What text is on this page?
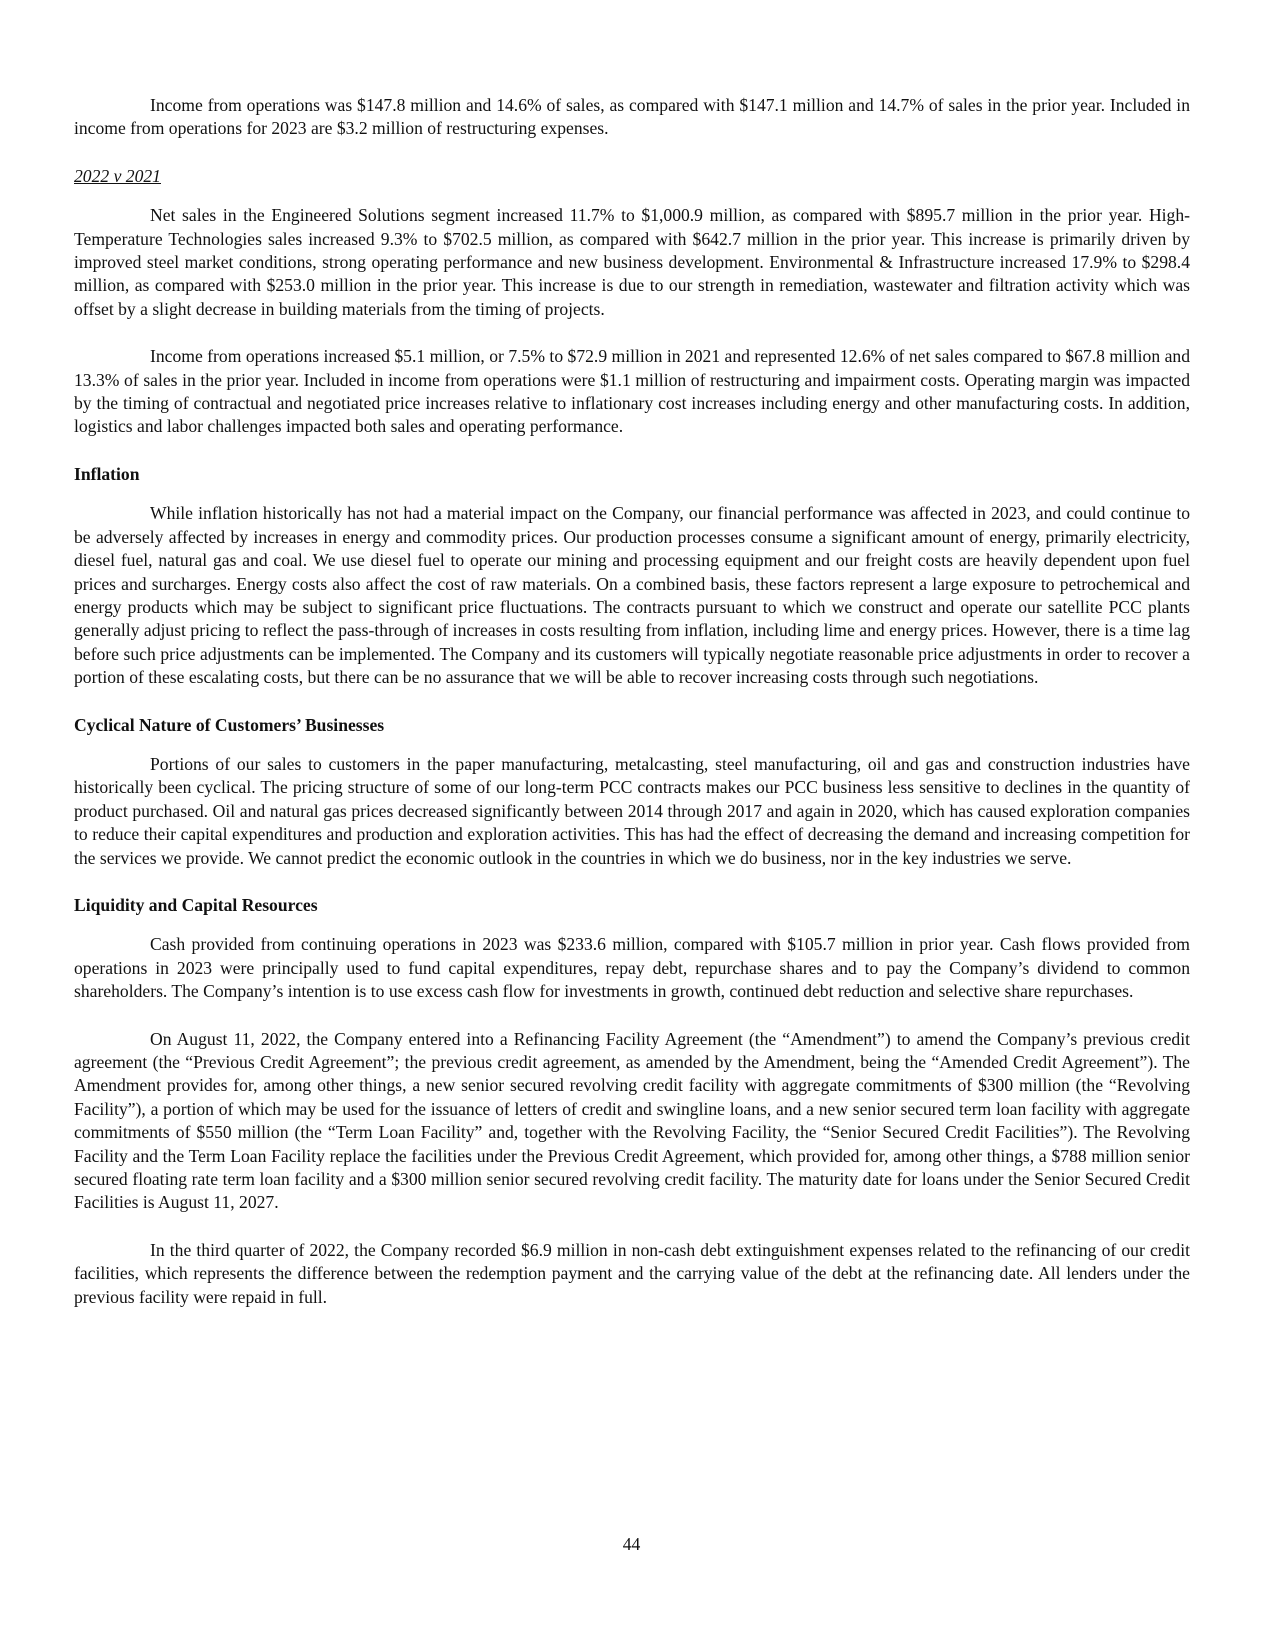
Income from operations was $147.8 million and 14.6% of sales, as compared with $147.1 million and 14.7% of sales in the prior year. Included in income from operations for 2023 are $3.2 million of restructuring expenses.

2022 v 2021

Net sales in the Engineered Solutions segment increased 11.7% to $1,000.9 million, as compared with $895.7 million in the prior year. High-Temperature Technologies sales increased 9.3% to $702.5 million, as compared with $642.7 million in the prior year. This increase is primarily driven by improved steel market conditions, strong operating performance and new business development. Environmental & Infrastructure increased 17.9% to $298.4 million, as compared with $253.0 million in the prior year. This increase is due to our strength in remediation, wastewater and filtration activity which was offset by a slight decrease in building materials from the timing of projects.

Income from operations increased $5.1 million, or 7.5% to $72.9 million in 2021 and represented 12.6% of net sales compared to $67.8 million and 13.3% of sales in the prior year. Included in income from operations were $1.1 million of restructuring and impairment costs. Operating margin was impacted by the timing of contractual and negotiated price increases relative to inflationary cost increases including energy and other manufacturing costs. In addition, logistics and labor challenges impacted both sales and operating performance.

Inflation

While inflation historically has not had a material impact on the Company, our financial performance was affected in 2023, and could continue to be adversely affected by increases in energy and commodity prices. Our production processes consume a significant amount of energy, primarily electricity, diesel fuel, natural gas and coal. We use diesel fuel to operate our mining and processing equipment and our freight costs are heavily dependent upon fuel prices and surcharges. Energy costs also affect the cost of raw materials. On a combined basis, these factors represent a large exposure to petrochemical and energy products which may be subject to significant price fluctuations. The contracts pursuant to which we construct and operate our satellite PCC plants generally adjust pricing to reflect the pass-through of increases in costs resulting from inflation, including lime and energy prices. However, there is a time lag before such price adjustments can be implemented. The Company and its customers will typically negotiate reasonable price adjustments in order to recover a portion of these escalating costs, but there can be no assurance that we will be able to recover increasing costs through such negotiations.

Cyclical Nature of Customers’ Businesses

Portions of our sales to customers in the paper manufacturing, metalcasting, steel manufacturing, oil and gas and construction industries have historically been cyclical. The pricing structure of some of our long-term PCC contracts makes our PCC business less sensitive to declines in the quantity of product purchased. Oil and natural gas prices decreased significantly between 2014 through 2017 and again in 2020, which has caused exploration companies to reduce their capital expenditures and production and exploration activities. This has had the effect of decreasing the demand and increasing competition for the services we provide. We cannot predict the economic outlook in the countries in which we do business, nor in the key industries we serve.

Liquidity and Capital Resources

Cash provided from continuing operations in 2023 was $233.6 million, compared with $105.7 million in prior year. Cash flows provided from operations in 2023 were principally used to fund capital expenditures, repay debt, repurchase shares and to pay the Company’s dividend to common shareholders. The Company’s intention is to use excess cash flow for investments in growth, continued debt reduction and selective share repurchases.

On August 11, 2022, the Company entered into a Refinancing Facility Agreement (the “Amendment”) to amend the Company’s previous credit agreement (the “Previous Credit Agreement”; the previous credit agreement, as amended by the Amendment, being the “Amended Credit Agreement”). The Amendment provides for, among other things, a new senior secured revolving credit facility with aggregate commitments of $300 million (the “Revolving Facility”), a portion of which may be used for the issuance of letters of credit and swingline loans, and a new senior secured term loan facility with aggregate commitments of $550 million (the “Term Loan Facility” and, together with the Revolving Facility, the “Senior Secured Credit Facilities”). The Revolving Facility and the Term Loan Facility replace the facilities under the Previous Credit Agreement, which provided for, among other things, a $788 million senior secured floating rate term loan facility and a $300 million senior secured revolving credit facility. The maturity date for loans under the Senior Secured Credit Facilities is August 11, 2027.

In the third quarter of 2022, the Company recorded $6.9 million in non-cash debt extinguishment expenses related to the refinancing of our credit facilities, which represents the difference between the redemption payment and the carrying value of the debt at the refinancing date. All lenders under the previous facility were repaid in full.

44
